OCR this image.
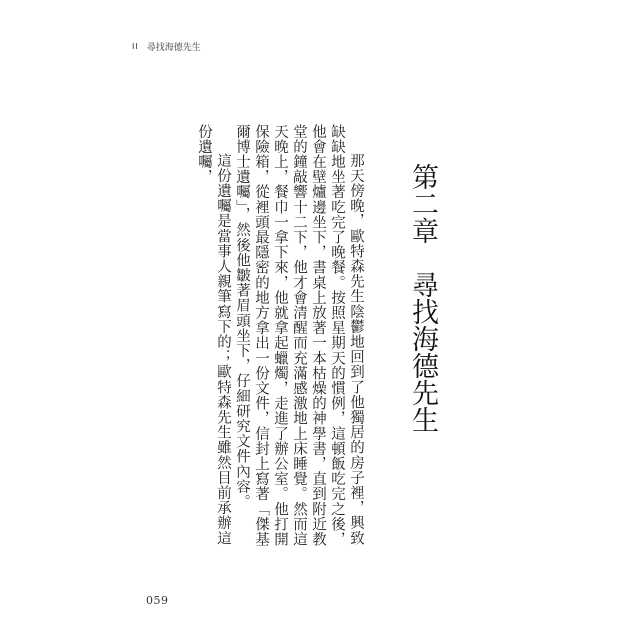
II 尋找海德先生
第二章　尋找海德先生

那天傍晚，歐特森先生陰鬱地回到了他獨居的房子裡，興致缺缺地坐著吃完了晚餐。按照星期天的慣例，這頓飯吃完之後，他會在壁爐邊坐下，書桌上放著一本枯燥的神學書，直到附近教堂的鐘敲響十二下，他才會清醒而充滿感激地上床睡覺。然而這天晚上，餐巾一拿下來，他就拿起蠟燭，走進了辦公室。他打開保險箱，從裡頭最隱密的地方拿出一份文件，信封上寫著「傑基爾博士遺囑」，然後他皺著眉頭坐下，仔細研究文件內容。

這份遺囑是當事人親筆寫下的；歐特森先生雖然目前承辦這份遺囑，

059
